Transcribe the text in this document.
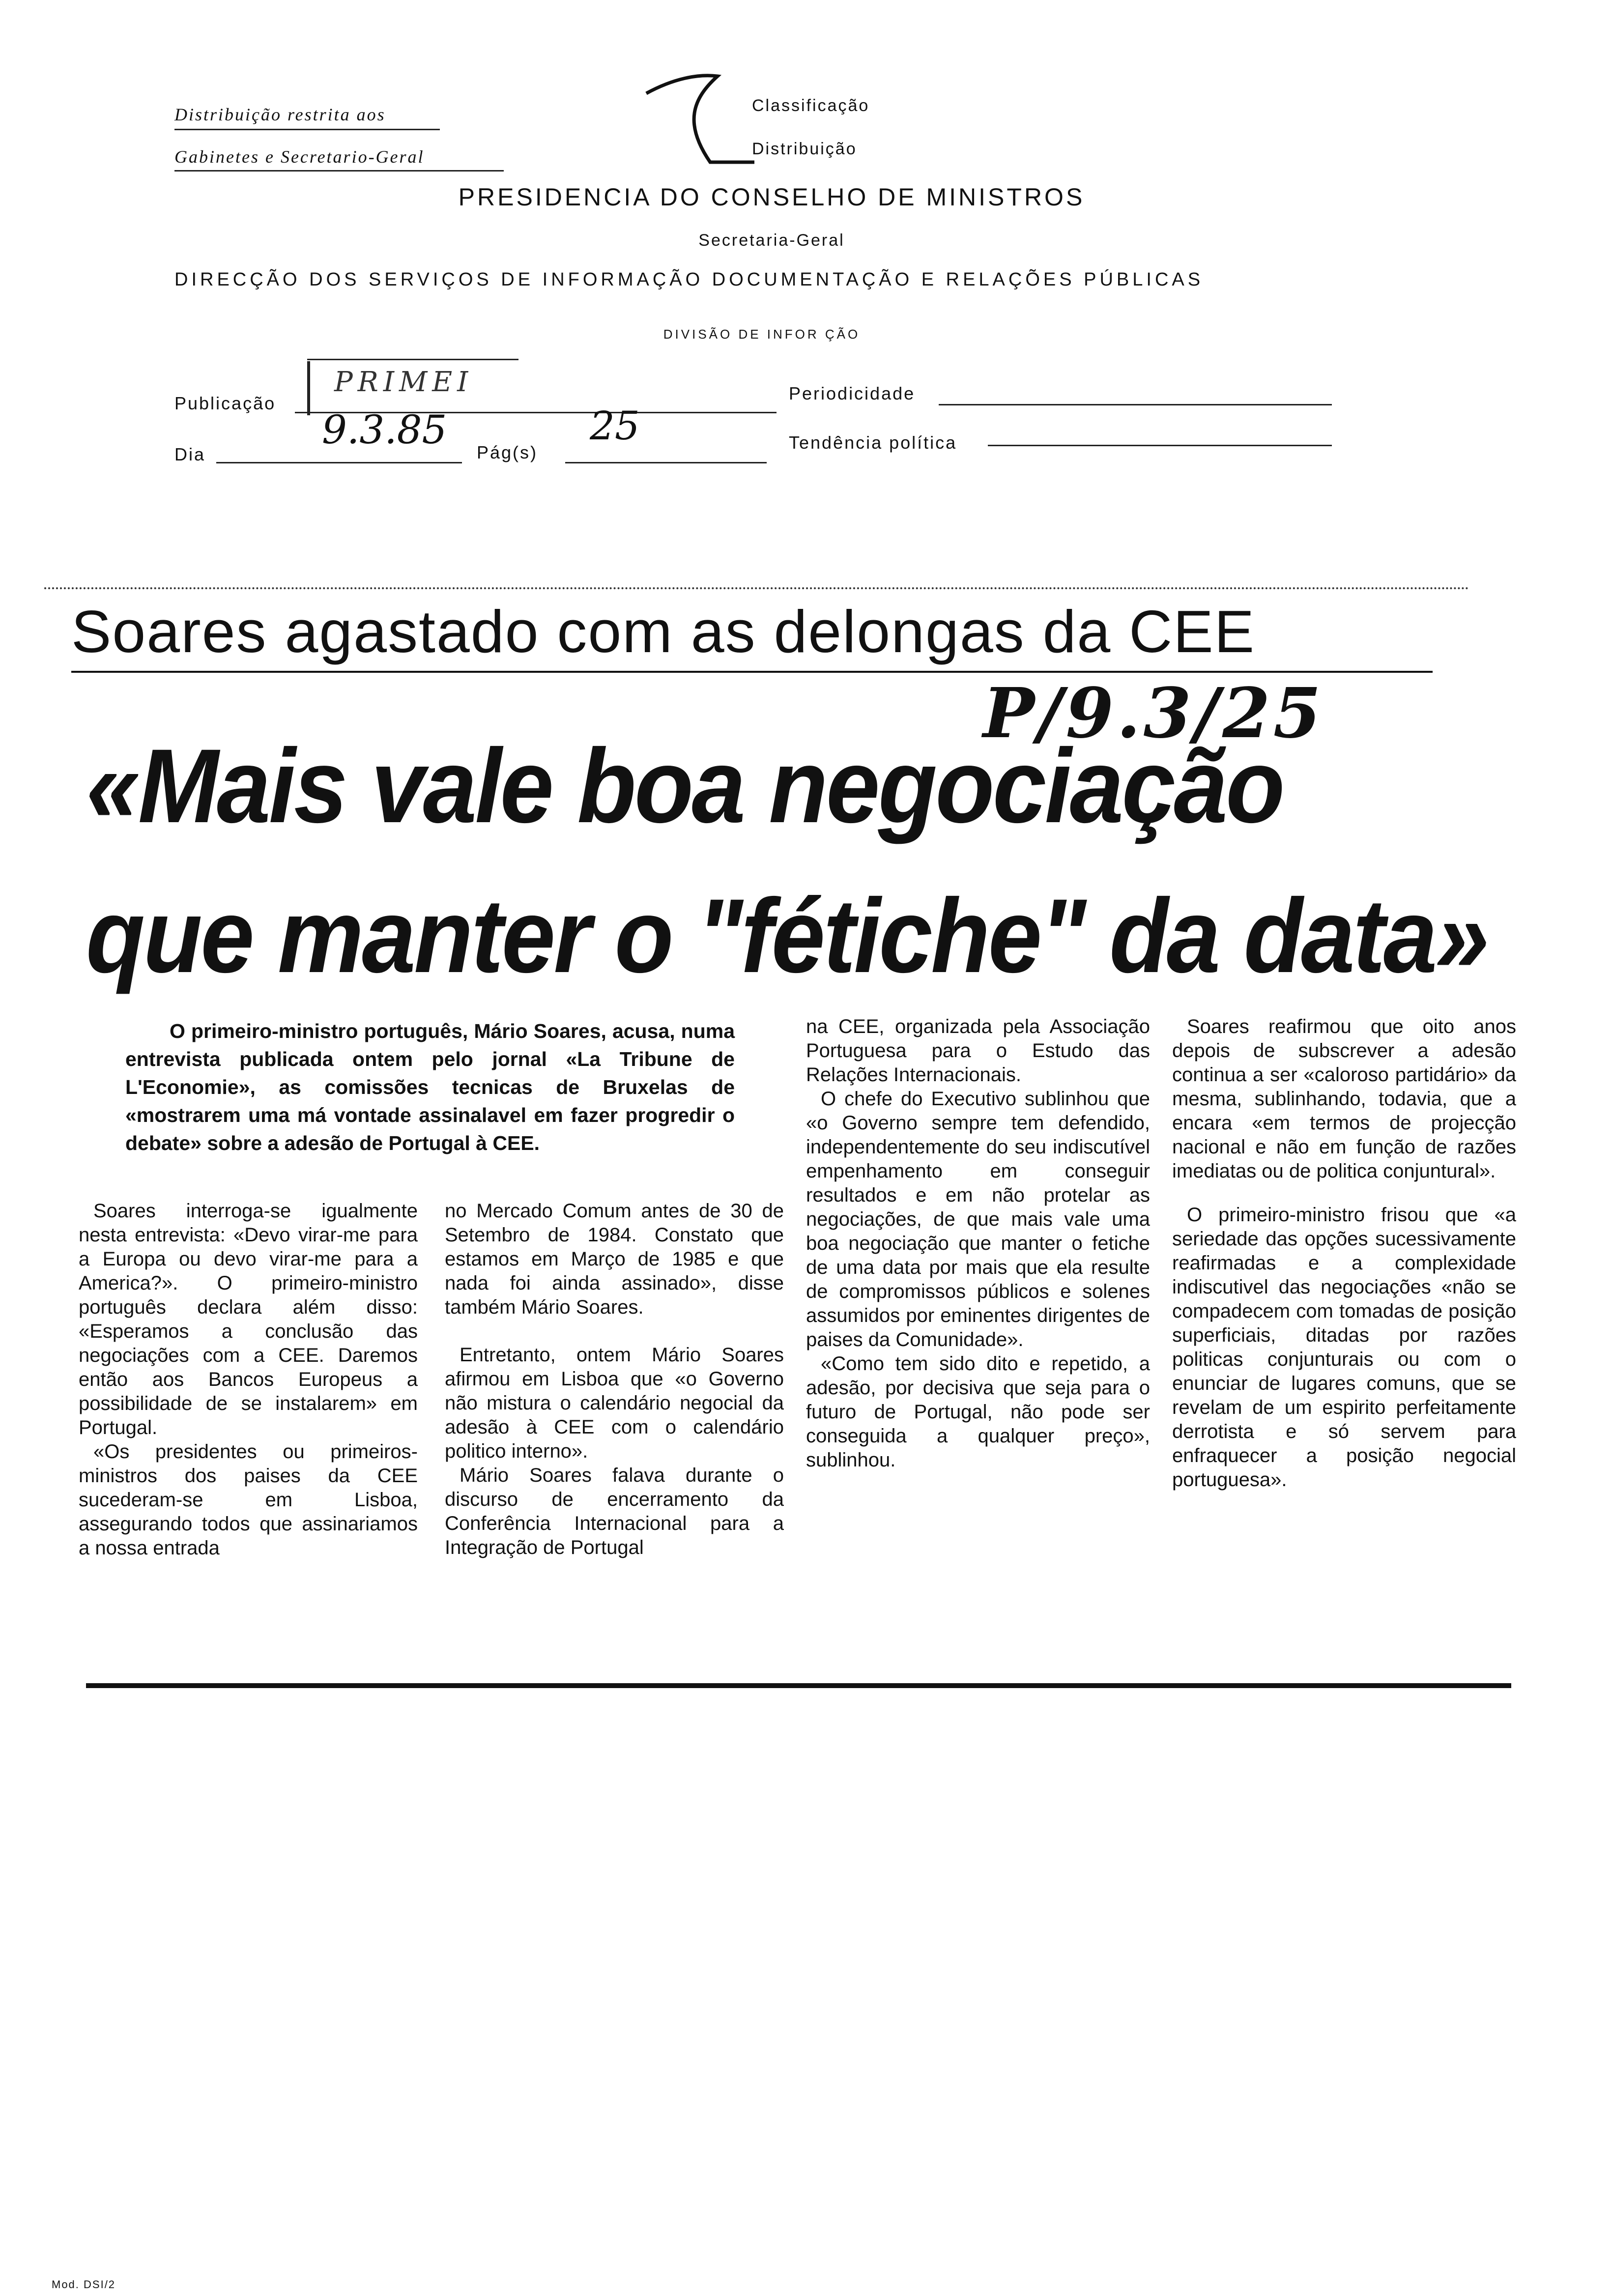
Distribuição restrita aos
Gabinetes e Secretario-Geral
Classificação
Distribuição
PRESIDENCIA DO CONSELHO DE MINISTROS
Secretaria-Geral
DIRECÇÃO DOS SERVIÇOS DE INFORMAÇÃO DOCUMENTAÇÃO E RELAÇÕES PÚBLICAS
DIVISÃO DE INFOR ÇÃO
Publicação
PRIMEI	Periodicidade
Dia
9.3.85 Pág(s)
25	Tendência política
Soares agastado com as delongas da CEE
P/9.3/25
«Mais vale boa negociação
que manter o "fétiche" da data»
O primeiro-ministro português, Mário Soares, acusa, numa entrevista publicada ontem pelo jornal «La Tribune de L'Economie», as comissões tecnicas de Bruxelas de «mostrarem uma má vontade assinalavel em fazer progredir o debate» sobre a adesão de Portugal à CEE.

Soares interroga-se igualmente nesta entrevista: «Devo virar-me para a Europa ou devo virar-me para a America?». O primeiro-ministro português declara além disso: «Esperamos a conclusão das negociações com a CEE. Daremos então aos Bancos Europeus a possibilidade de se instalarem» em Portugal.

«Os presidentes ou primeiros-ministros dos paises da CEE sucederam-se em Lisboa, assegurando todos que assinariamos a nossa entrada

no Mercado Comum antes de 30 de Setembro de 1984. Constato que estamos em Março de 1985 e que nada foi ainda assinado», disse também Mário Soares.

Entretanto, ontem Mário Soares afirmou em Lisboa que «o Governo não mistura o calendário negocial da adesão à CEE com o calendário politico interno».

Mário Soares falava durante o discurso de encerramento da Conferência Internacional para a Integração de Portugal

na CEE, organizada pela Associação Portuguesa para o Estudo das Relações Internacionais.

O chefe do Executivo sublinhou que «o Governo sempre tem defendido, independentemente do seu indiscutível empenhamento em conseguir resultados e em não protelar as negociações, de que mais vale uma boa negociação que manter o fetiche de uma data por mais que ela resulte de compromissos públicos e solenes assumidos por eminentes dirigentes de paises da Comunidade».

«Como tem sido dito e repetido, a adesão, por decisiva que seja para o futuro de Portugal, não pode ser conseguida a qualquer preço», sublinhou.

Soares reafirmou que oito anos depois de subscrever a adesão continua a ser «caloroso partidário» da mesma, sublinhando, todavia, que a encara «em termos de projecção nacional e não em função de razões imediatas ou de politica conjuntural».

O primeiro-ministro frisou que «a seriedade das opções sucessivamente reafirmadas e a complexidade indiscutivel das negociações «não se compadecem com tomadas de posição superficiais, ditadas por razões politicas conjunturais ou com o enunciar de lugares comuns, que se revelam de um espirito perfeitamente derrotista e só servem para enfraquecer a posição negocial portuguesa».

Mod. DSI/2
